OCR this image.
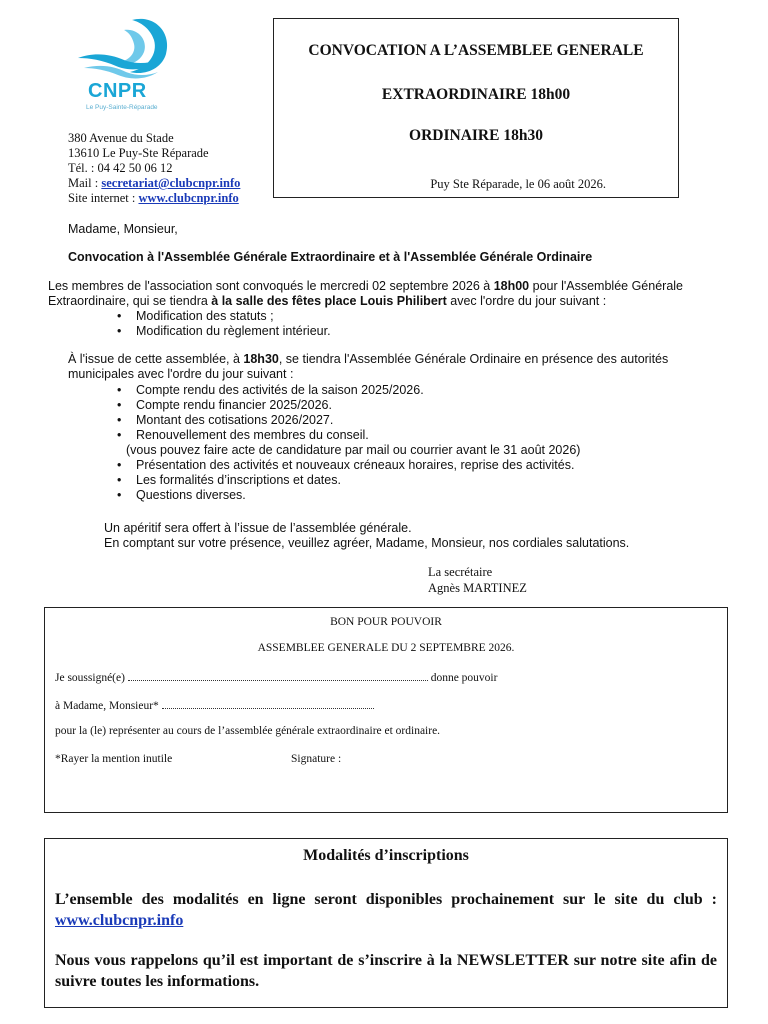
CNPR
Le Puy-Sainte-Réparade
380 Avenue du Stade
13610 Le Puy-Ste Réparade
Tél. : 04 42 50 06 12
Mail : secretariat@clubcnpr.info
Site internet : www.clubcnpr.info
CONVOCATION A L’ASSEMBLEE GENERALE
EXTRAORDINAIRE 18h00
ORDINAIRE 18h30
Puy Ste Réparade, le 06 août 2026.
Madame, Monsieur,
Convocation à l'Assemblée Générale Extraordinaire et à l'Assemblée Générale Ordinaire
Les membres de l'association sont convoqués le mercredi 02 septembre 2026 à 18h00 pour l'Assemblée Générale Extraordinaire, qui se tiendra à la salle des fêtes place Louis Philibert avec l'ordre du jour suivant :
• Modification des statuts ;
• Modification du règlement intérieur.
À l'issue de cette assemblée, à 18h30, se tiendra l'Assemblée Générale Ordinaire en présence des autorités municipales avec l'ordre du jour suivant :
• Compte rendu des activités de la saison 2025/2026.
• Compte rendu financier 2025/2026.
• Montant des cotisations 2026/2027.
• Renouvellement des membres du conseil.
(vous pouvez faire acte de candidature par mail ou courrier avant le 31 août 2026)
• Présentation des activités et nouveaux créneaux horaires, reprise des activités.
• Les formalités d’inscriptions et dates.
• Questions diverses.
Un apéritif sera offert à l’issue de l’assemblée générale.
En comptant sur votre présence, veuillez agréer, Madame, Monsieur, nos cordiales salutations.
La secrétaire
Agnès MARTINEZ
BON POUR POUVOIR
ASSEMBLEE GENERALE DU 2 SEPTEMBRE 2026.
Je soussigné(e)	donne pouvoir
à Madame, Monsieur*
pour la (le) représenter au cours de l’assemblée générale extraordinaire et ordinaire.
*Rayer la mention inutile	Signature :
Modalités d’inscriptions
L’ensemble des modalités en ligne seront disponibles prochainement sur le site du club : www.clubcnpr.info
Nous vous rappelons qu’il est important de s’inscrire à la NEWSLETTER sur notre site afin de suivre toutes les informations.
